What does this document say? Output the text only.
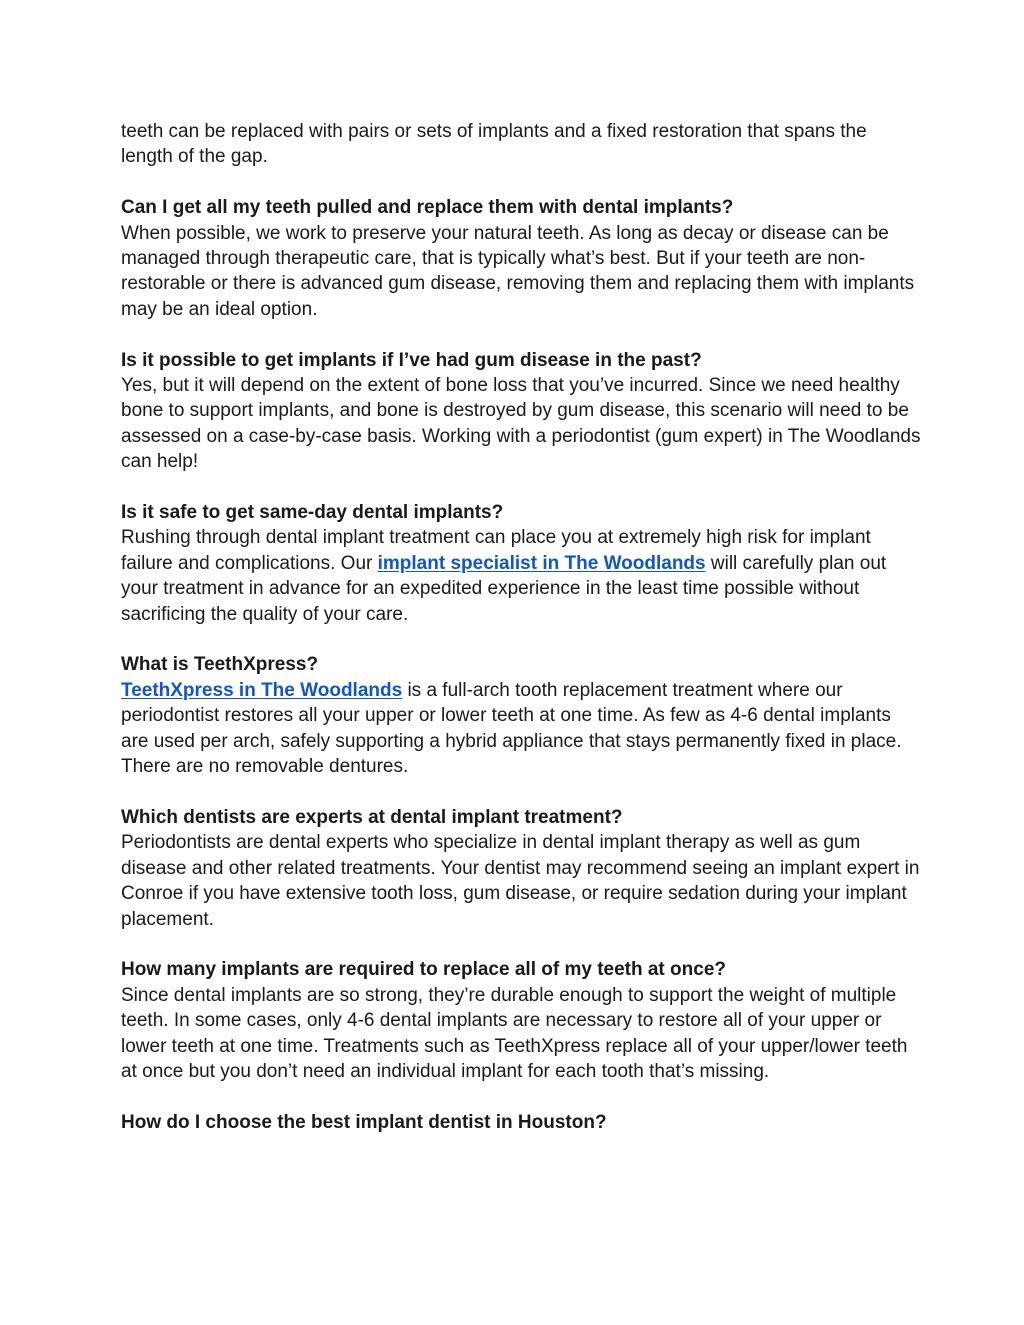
teeth can be replaced with pairs or sets of implants and a fixed restoration that spans the length of the gap.
Can I get all my teeth pulled and replace them with dental implants?
When possible, we work to preserve your natural teeth. As long as decay or disease can be managed through therapeutic care, that is typically what’s best. But if your teeth are non-restorable or there is advanced gum disease, removing them and replacing them with implants may be an ideal option.
Is it possible to get implants if I’ve had gum disease in the past?
Yes, but it will depend on the extent of bone loss that you’ve incurred. Since we need healthy bone to support implants, and bone is destroyed by gum disease, this scenario will need to be assessed on a case-by-case basis. Working with a periodontist (gum expert) in The Woodlands can help!
Is it safe to get same-day dental implants?
Rushing through dental implant treatment can place you at extremely high risk for implant failure and complications. Our implant specialist in The Woodlands will carefully plan out your treatment in advance for an expedited experience in the least time possible without sacrificing the quality of your care.
What is TeethXpress?
TeethXpress in The Woodlands is a full-arch tooth replacement treatment where our periodontist restores all your upper or lower teeth at one time. As few as 4-6 dental implants are used per arch, safely supporting a hybrid appliance that stays permanently fixed in place. There are no removable dentures.
Which dentists are experts at dental implant treatment?
Periodontists are dental experts who specialize in dental implant therapy as well as gum disease and other related treatments. Your dentist may recommend seeing an implant expert in Conroe if you have extensive tooth loss, gum disease, or require sedation during your implant placement.
How many implants are required to replace all of my teeth at once?
Since dental implants are so strong, they’re durable enough to support the weight of multiple teeth. In some cases, only 4-6 dental implants are necessary to restore all of your upper or lower teeth at one time. Treatments such as TeethXpress replace all of your upper/lower teeth at once but you don’t need an individual implant for each tooth that’s missing.
How do I choose the best implant dentist in Houston?
